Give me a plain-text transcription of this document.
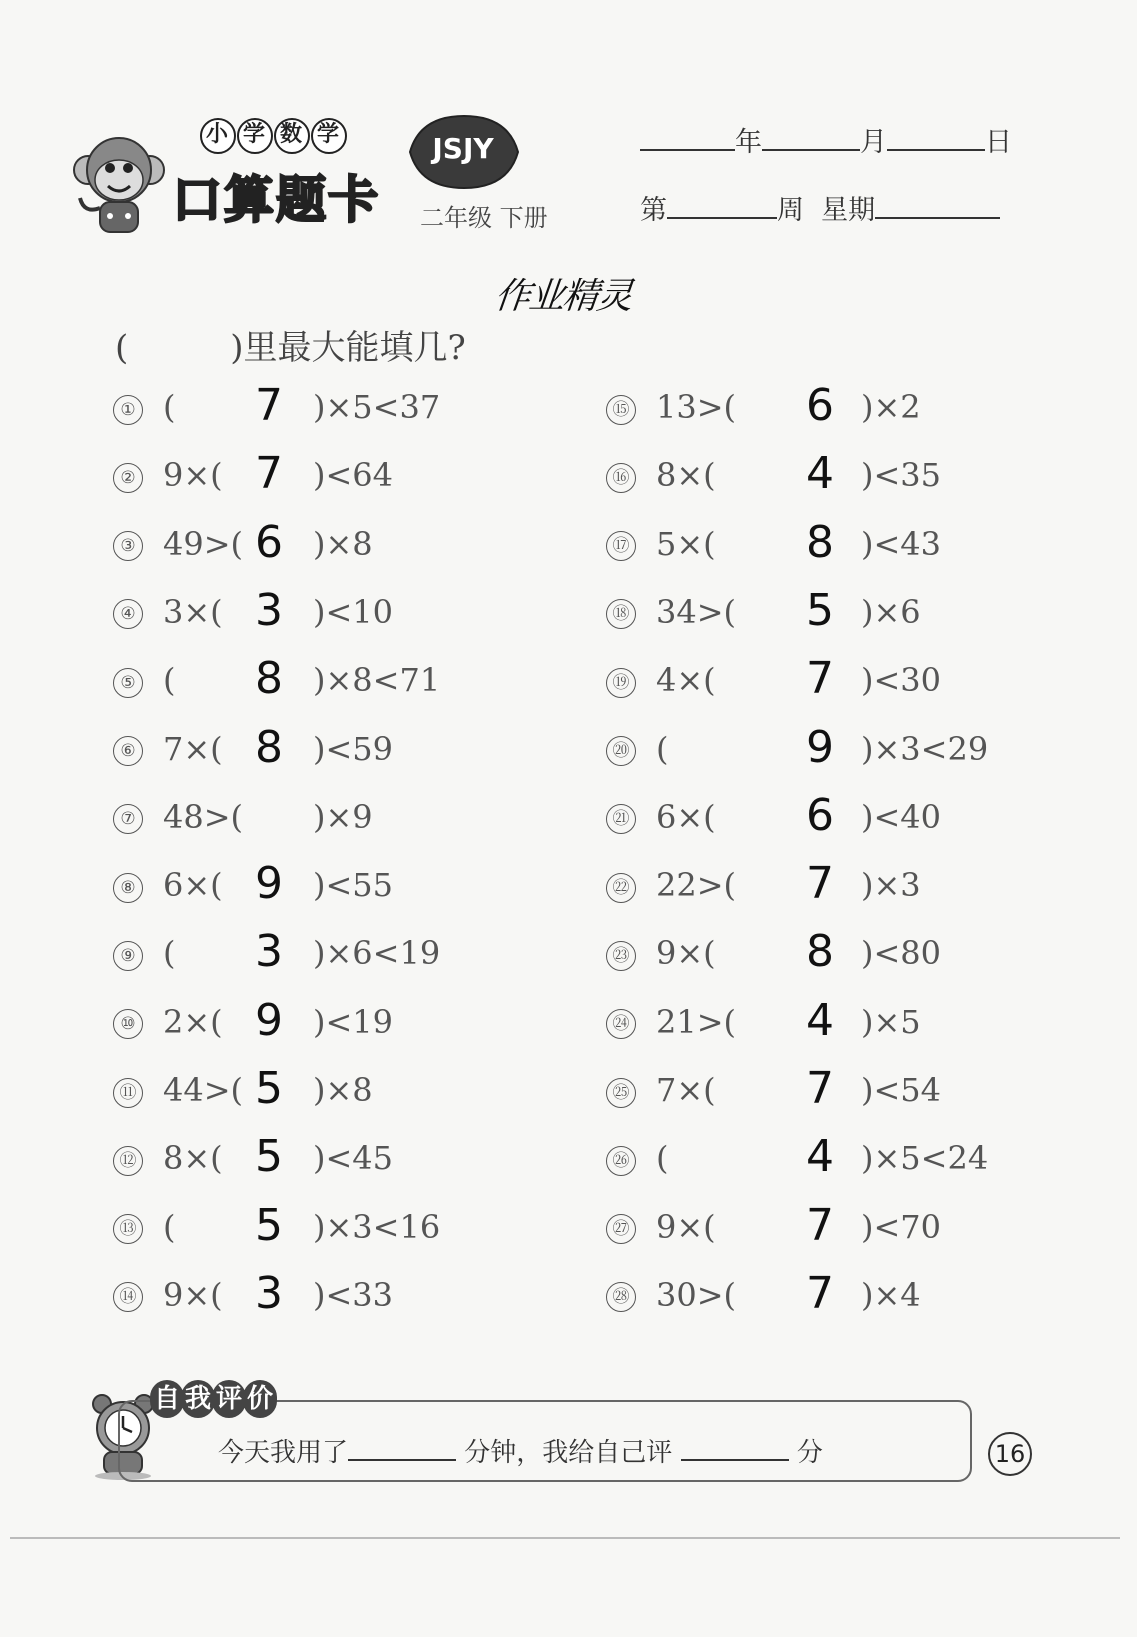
小 学 数 学
口算题卡
JSJY
二年级 下册
年	月	日
第	周 星期
作业精灵
(　　　)里最大能填几?
① ( 7 )×5<37
② 9×( 7 )<64
③ 49>( 6 )×8
④ 3×( 3 )<10
⑤ ( 8 )×8<71
⑥ 7×( 8 )<59
⑦ 48>( )×9
⑧ 6×( 9 )<55
⑨ ( 3 )×6<19
⑩ 2×( 9 )<19
⑪ 44>( 5 )×8
⑫ 8×( 5 )<45
⑬ ( 5 )×3<16
⑭ 9×( 3 )<33
⑮ 13>( 6 )×2
⑯ 8×( 4 )<35
⑰ 5×( 8 )<43
⑱ 34>( 5 )×6
⑲ 4×( 7 )<30
⑳ (	9 )×3<29
㉑ 6×( 6 )<40
㉒ 22>( 7 )×3
㉓ 9×( 8 )<80
㉔ 21>( 4 )×5
㉕ 7×( 7 )<54
㉖ (	4 )×5<24
㉗ 9×( 7 )<70
㉘ 30>( 7 )×4
自 我 评 价
今天我用了	分钟，我给自己评	分	16
